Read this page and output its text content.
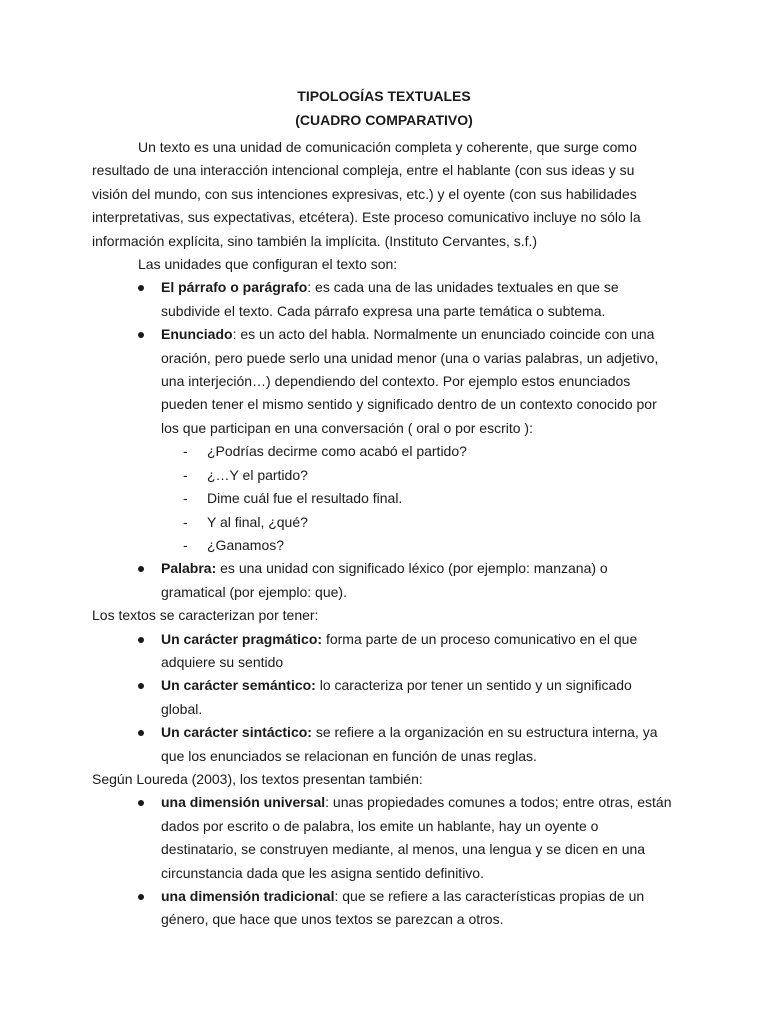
TIPOLOGÍAS TEXTUALES
(CUADRO COMPARATIVO)

Un texto es una unidad de comunicación completa y coherente, que surge como resultado de una interacción intencional compleja, entre el hablante (con sus ideas y su visión del mundo, con sus intenciones expresivas, etc.) y el oyente (con sus habilidades interpretativas, sus expectativas, etcétera). Este proceso comunicativo incluye no sólo la información explícita, sino también la implícita. (Instituto Cervantes, s.f.)

Las unidades que configuran el texto son:

El párrafo o parágrafo: es cada una de las unidades textuales en que se subdivide el texto. Cada párrafo expresa una parte temática o subtema.
Enunciado: es un acto del habla. Normalmente un enunciado coincide con una oración, pero puede serlo una unidad menor (una o varias palabras, un adjetivo, una interjeción…) dependiendo del contexto. Por ejemplo estos enunciados pueden tener el mismo sentido y significado dentro de un contexto conocido por los que participan en una conversación ( oral o por escrito ):
- ¿Podrías decirme como acabó el partido?
- ¿…Y el partido?
- Dime cuál fue el resultado final.
- Y al final, ¿qué?
- ¿Ganamos?
Palabra: es una unidad con significado léxico (por ejemplo: manzana) o gramatical (por ejemplo: que).

Los textos se caracterizan por tener:

Un carácter pragmático: forma parte de un proceso comunicativo en el que adquiere su sentido
Un carácter semántico: lo caracteriza por tener un sentido y un significado global.
Un carácter sintáctico: se refiere a la organización en su estructura interna, ya que los enunciados se relacionan en función de unas reglas.

Según Loureda (2003), los textos presentan también:

una dimensión universal: unas propiedades comunes a todos; entre otras, están dados por escrito o de palabra, los emite un hablante, hay un oyente o destinatario, se construyen mediante, al menos, una lengua y se dicen en una circunstancia dada que les asigna sentido definitivo.
una dimensión tradicional: que se refiere a las características propias de un género, que hace que unos textos se parezcan a otros.
